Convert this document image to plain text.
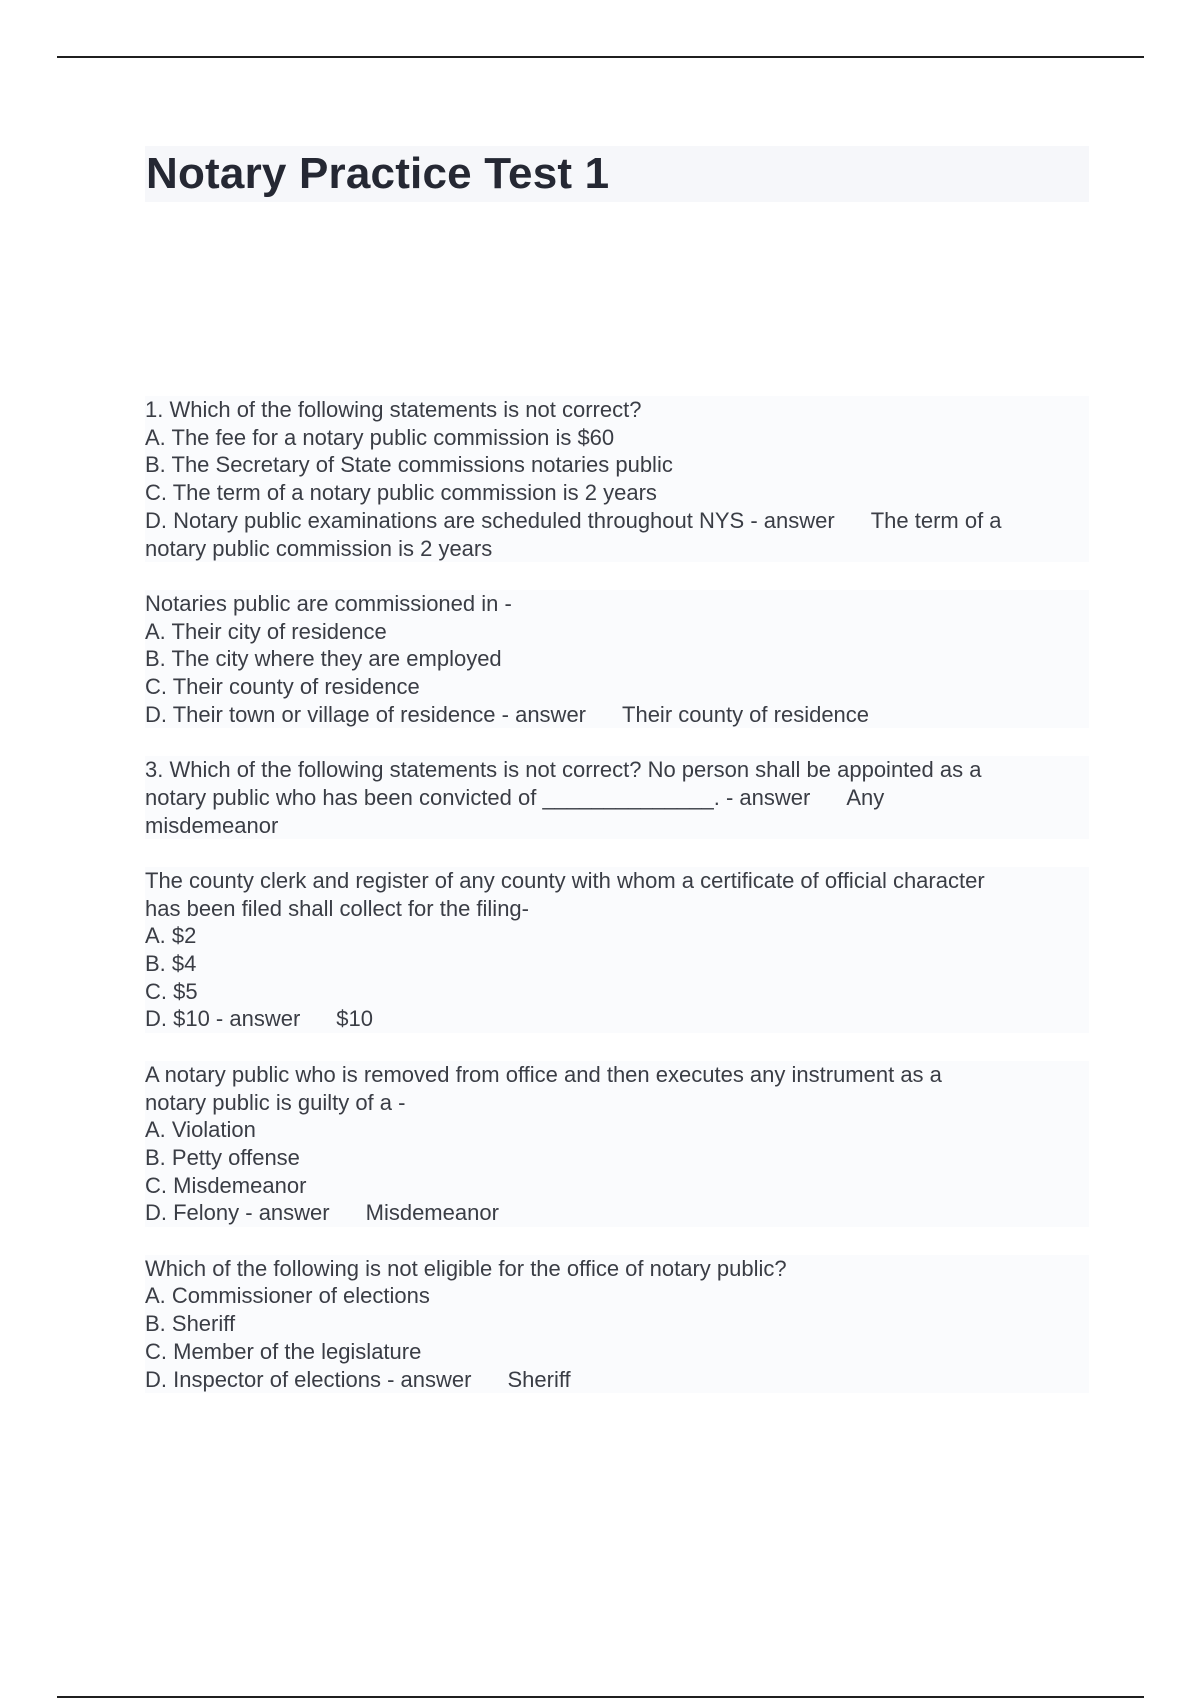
Notary Practice Test 1
1. Which of the following statements is not correct?
A. The fee for a notary public commission is $60
B. The Secretary of State commissions notaries public
C. The term of a notary public commission is 2 years
D. Notary public examinations are scheduled throughout NYS - answer The term of a
notary public commission is 2 years
Notaries public are commissioned in -
A. Their city of residence
B. The city where they are employed
C. Their county of residence
D. Their town or village of residence - answer Their county of residence
3. Which of the following statements is not correct? No person shall be appointed as a
notary public who has been convicted of ______________. - answer Any
misdemeanor
The county clerk and register of any county with whom a certificate of official character
has been filed shall collect for the filing-
A. $2
B. $4
C. $5
D. $10 - answer $10
A notary public who is removed from office and then executes any instrument as a
notary public is guilty of a -
A. Violation
B. Petty offense
C. Misdemeanor
D. Felony - answer Misdemeanor
Which of the following is not eligible for the office of notary public?
A. Commissioner of elections
B. Sheriff
C. Member of the legislature
D. Inspector of elections - answer Sheriff
